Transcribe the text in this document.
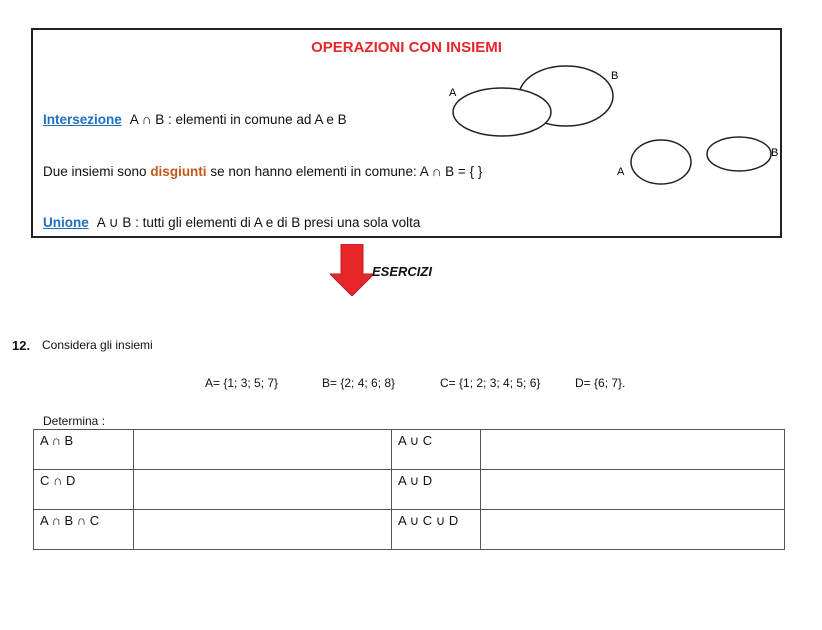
OPERAZIONI CON INSIEMI
Intersezione A ∩ B : elementi in comune ad A e B
Due insiemi sono disgiunti se non hanno elementi in comune: A ∩ B = { }
Unione A ∪ B : tutti gli elementi di A e di B presi una sola volta
A
B
A
B
ESERCIZI
12. Considera gli insiemi
A= {1; 3; 5; 7}	B= {2; 4; 6; 8}	C= {1; 2; 3; 4; 5; 6}	D= {6; 7}.
Determina :
A ∩ B		A ∪ C	
C ∩ D		A ∪ D	
A ∩ B ∩ C		A ∪ C ∪ D	
